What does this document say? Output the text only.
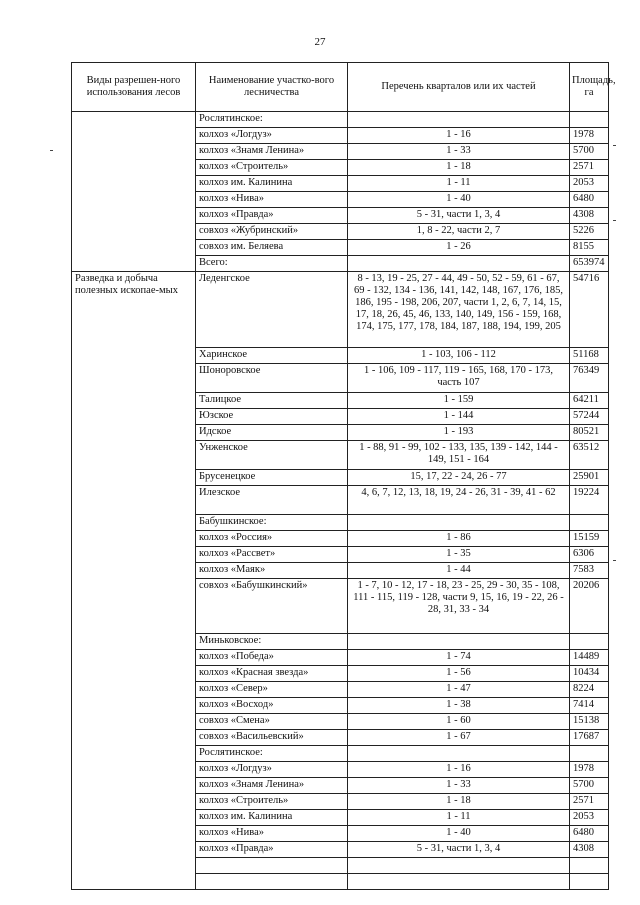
27
Виды разрешен-ного использования лесов	Наименование участко-вого лесничества	Перечень кварталов или их частей	Площадь, га
	Рослятинское:		
	колхоз «Логдуз»	1 - 16	1978
	колхоз «Знамя Ленина»	1 - 33	5700
	колхоз «Строитель»	1 - 18	2571
	колхоз им. Калинина	1 - 11	2053
	колхоз «Нива»	1 - 40	6480
	колхоз «Правда»	5 - 31, части 1, 3, 4	4308
	совхоз «Жубринский»	1, 8 - 22, части 2, 7	5226
	совхоз им. Беляева	1 - 26	8155
	Всего:		653974
Разведка и добыча полезных ископае-мых	Леденгское	8 - 13, 19 - 25, 27 - 44, 49 - 50, 52 - 59, 61 - 67, 69 - 132, 134 - 136, 141, 142, 148, 167, 176, 185, 186, 195 - 198, 206, 207, части 1, 2, 6, 7, 14, 15, 17, 18, 26, 45, 46, 133, 140, 149, 156 - 159, 168, 174, 175, 177, 178, 184, 187, 188, 194, 199, 205	54716
	Харинское	1 - 103, 106 - 112	51168
	Шоноровское	1 - 106, 109 - 117, 119 - 165, 168, 170 - 173, часть 107	76349
	Талицкое	1 - 159	64211
	Юзское	1 - 144	57244
	Идское	1 - 193	80521
	Унженское	1 - 88, 91 - 99, 102 - 133, 135, 139 - 142, 144 - 149, 151 - 164	63512
	Брусенецкое	15, 17, 22 - 24, 26 - 77	25901
	Илезское	4, 6, 7, 12, 13, 18, 19, 24 - 26, 31 - 39, 41 - 62	19224
	Бабушкинское:		
	колхоз «Россия»	1 - 86	15159
	колхоз «Рассвет»	1 - 35	6306
	колхоз «Маяк»	1 - 44	7583
	совхоз «Бабушкинский»	1 - 7, 10 - 12, 17 - 18, 23 - 25, 29 - 30, 35 - 108, 111 - 115, 119 - 128, части 9, 15, 16, 19 - 22, 26 - 28, 31, 33 - 34	20206
	Миньковское:		
	колхоз «Победа»	1 - 74	14489
	колхоз «Красная звезда»	1 - 56	10434
	колхоз «Север»	1 - 47	8224
	колхоз «Восход»	1 - 38	7414
	совхоз «Смена»	1 - 60	15138
	совхоз «Васильевский»	1 - 67	17687
	Рослятинское:		
	колхоз «Логдуз»	1 - 16	1978
	колхоз «Знамя Ленина»	1 - 33	5700
	колхоз «Строитель»	1 - 18	2571
	колхоз им. Калинина	1 - 11	2053
	колхоз «Нива»	1 - 40	6480
	колхоз «Правда»	5 - 31, части 1, 3, 4	4308
